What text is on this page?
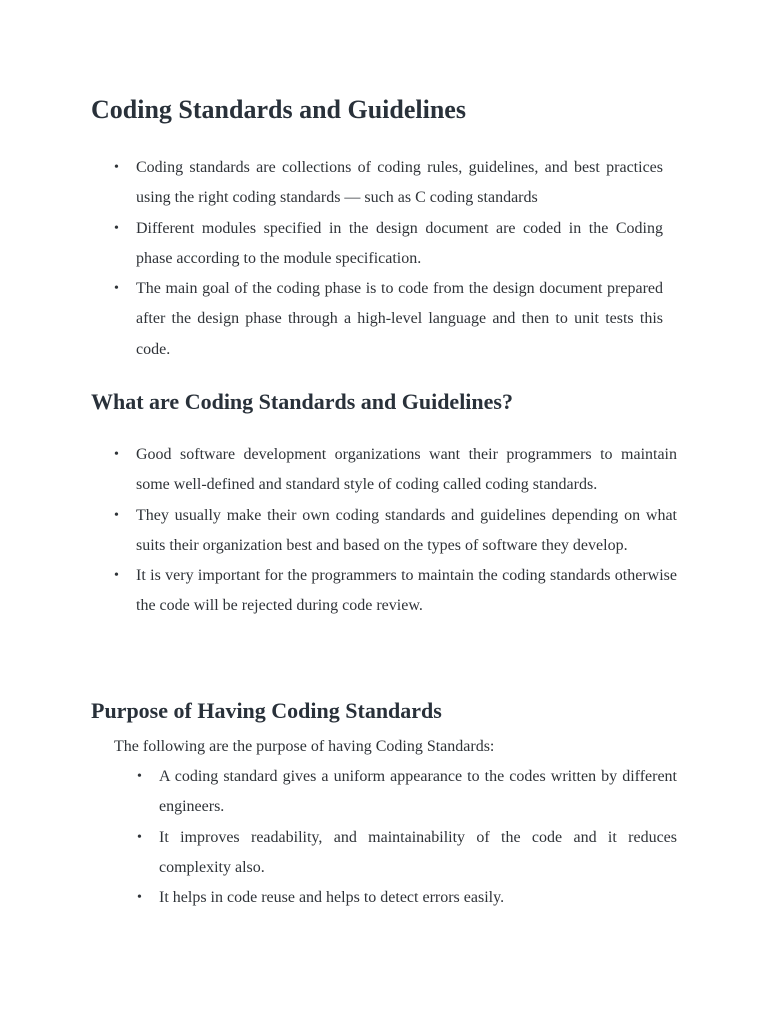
Coding Standards and Guidelines
• Coding standards are collections of coding rules, guidelines, and best practices using the right coding standards — such as C coding standards
• Different modules specified in the design document are coded in the Coding phase according to the module specification.
• The main goal of the coding phase is to code from the design document prepared after the design phase through a high-level language and then to unit tests this code.
What are Coding Standards and Guidelines?
• Good software development organizations want their programmers to maintain some well-defined and standard style of coding called coding standards.
• They usually make their own coding standards and guidelines depending on what suits their organization best and based on the types of software they develop.
• It is very important for the programmers to maintain the coding standards otherwise the code will be rejected during code review.
Purpose of Having Coding Standards

The following are the purpose of having Coding Standards:

• A coding standard gives a uniform appearance to the codes written by different engineers.
• It improves readability, and maintainability of the code and it reduces complexity also.
• It helps in code reuse and helps to detect errors easily.
